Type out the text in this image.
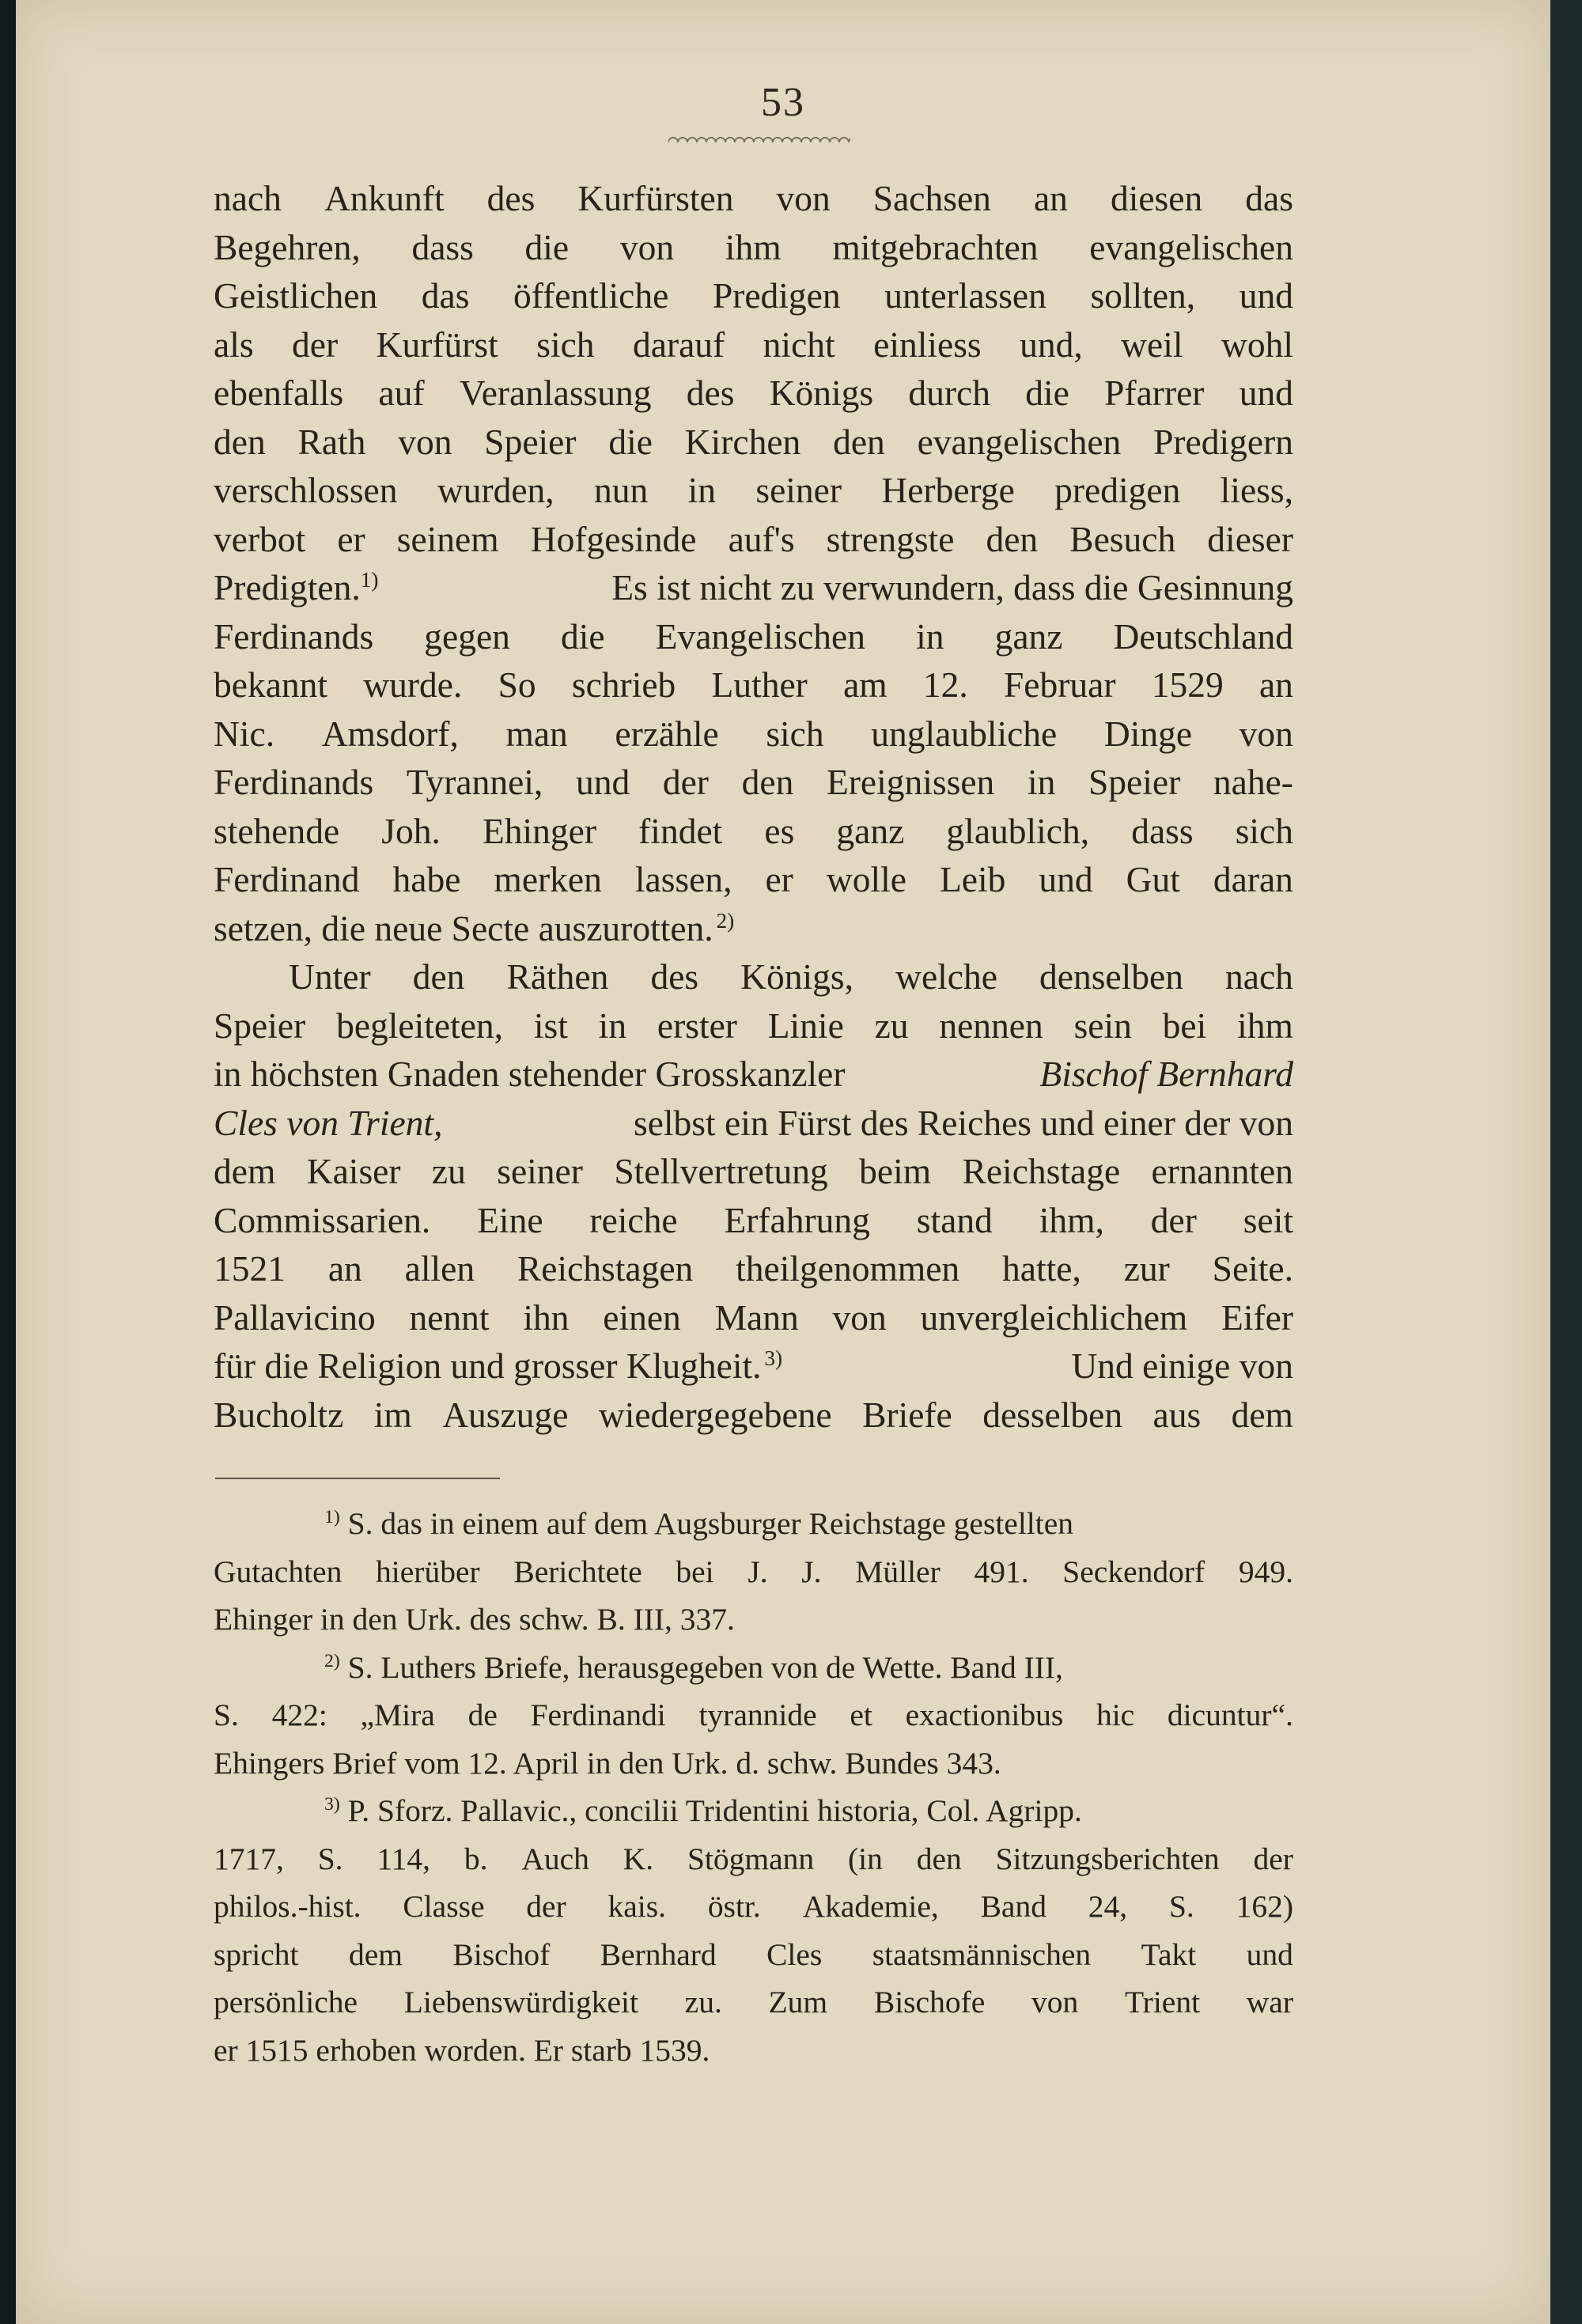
53
nach Ankunft des Kurfürsten von Sachsen an diesen das
Begehren, dass die von ihm mitgebrachten evangelischen
Geistlichen das öffentliche Predigen unterlassen sollten, und
als der Kurfürst sich darauf nicht einliess und, weil wohl
ebenfalls auf Veranlassung des Königs durch die Pfarrer und
den Rath von Speier die Kirchen den evangelischen Predigern
verschlossen wurden, nun in seiner Herberge predigen liess,
verbot er seinem Hofgesinde auf's strengste den Besuch dieser
Predigten.$^{1)}$	Es ist nicht zu verwundern, dass die Gesinnung
Ferdinands gegen die Evangelischen in ganz Deutschland
bekannt wurde. So schrieb Luther am 12. Februar 1529 an
Nic. Amsdorf, man erzähle sich unglaubliche Dinge von
Ferdinands Tyrannei, und der den Ereignissen in Speier nahe-
stehende Joh. Ehinger findet es ganz glaublich, dass sich
Ferdinand habe merken lassen, er wolle Leib und Gut daran
setzen, die neue Secte auszurotten.  $^{2)}$
Unter den Räthen des Königs, welche denselben nach
Speier begleiteten, ist in erster Linie zu nennen sein bei ihm
in höchsten Gnaden stehender Grosskanzler	Bischof Bernhard
Cles von Trient,	selbst ein Fürst des Reiches und einer der von
dem Kaiser zu seiner Stellvertretung beim Reichstage ernannten
Commissarien. Eine reiche Erfahrung stand ihm, der seit
1521 an allen Reichstagen theilgenommen hatte, zur Seite.
Pallavicino nennt ihn einen Mann von unvergleichlichem Eifer
für die Religion und grosser Klugheit.  $^{3)}$	Und einige von
Bucholtz im Auszuge wiedergegebene Briefe desselben aus dem
$^{1)}$ S. das in einem auf dem Augsburger Reichstage gestellten
Gutachten hierüber Berichtete bei J. J. Müller 491. Seckendorf 949.
Ehinger in den Urk. des schw. B. III, 337.
$^{2)}$ S. Luthers Briefe, herausgegeben von de Wette. Band III,
S. 422: „Mira de Ferdinandi tyrannide et exactionibus hic dicuntur“.
Ehingers Brief vom 12. April in den Urk. d. schw. Bundes 343.
$^{3)}$ P. Sforz. Pallavic., concilii Tridentini historia, Col. Agripp.
1717, S. 114, b. Auch K. Stögmann (in den Sitzungsberichten der
philos.-hist. Classe der kais. östr. Akademie, Band 24, S. 162)
spricht dem Bischof Bernhard Cles staatsmännischen Takt und
persönliche Liebenswürdigkeit zu. Zum Bischofe von Trient war
er 1515 erhoben worden. Er starb 1539.
